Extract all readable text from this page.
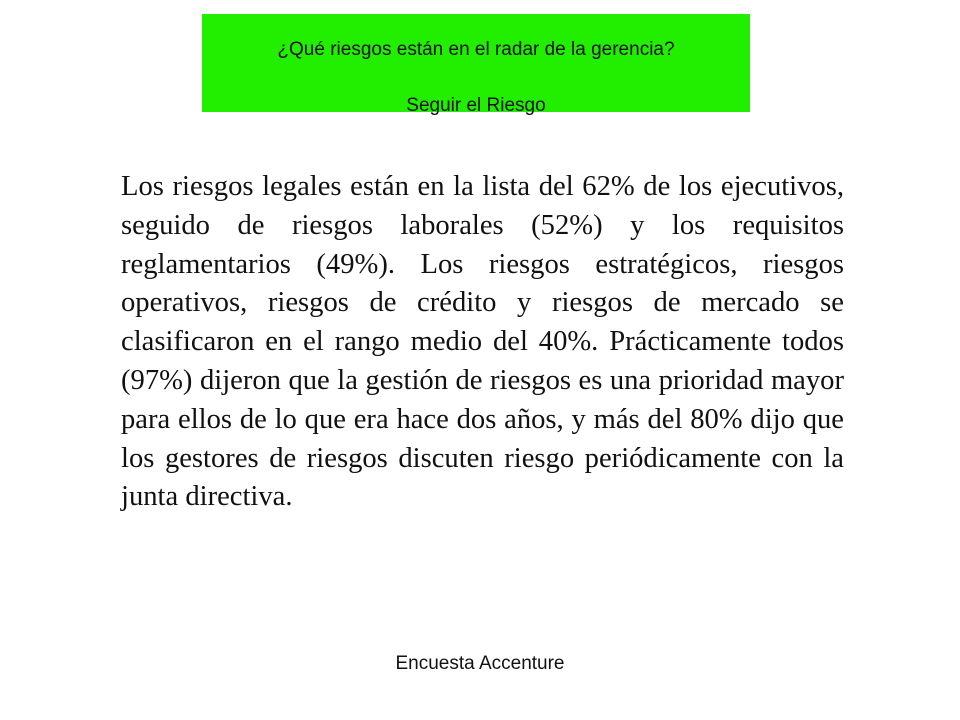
¿Qué riesgos están en el radar de la gerencia?
Seguir el Riesgo

Los riesgos legales están en la lista del 62% de los ejecutivos, seguido de riesgos laborales (52%) y los requisitos reglamentarios (49%). Los riesgos estratégicos, riesgos operativos, riesgos de crédito y riesgos de mercado se clasificaron en el rango medio del 40%. Prácticamente todos (97%) dijeron que la gestión de riesgos es una prioridad mayor para ellos de lo que era hace dos años, y más del 80% dijo que los gestores de riesgos discuten riesgo periódicamente con la junta directiva.

Encuesta Accenture
